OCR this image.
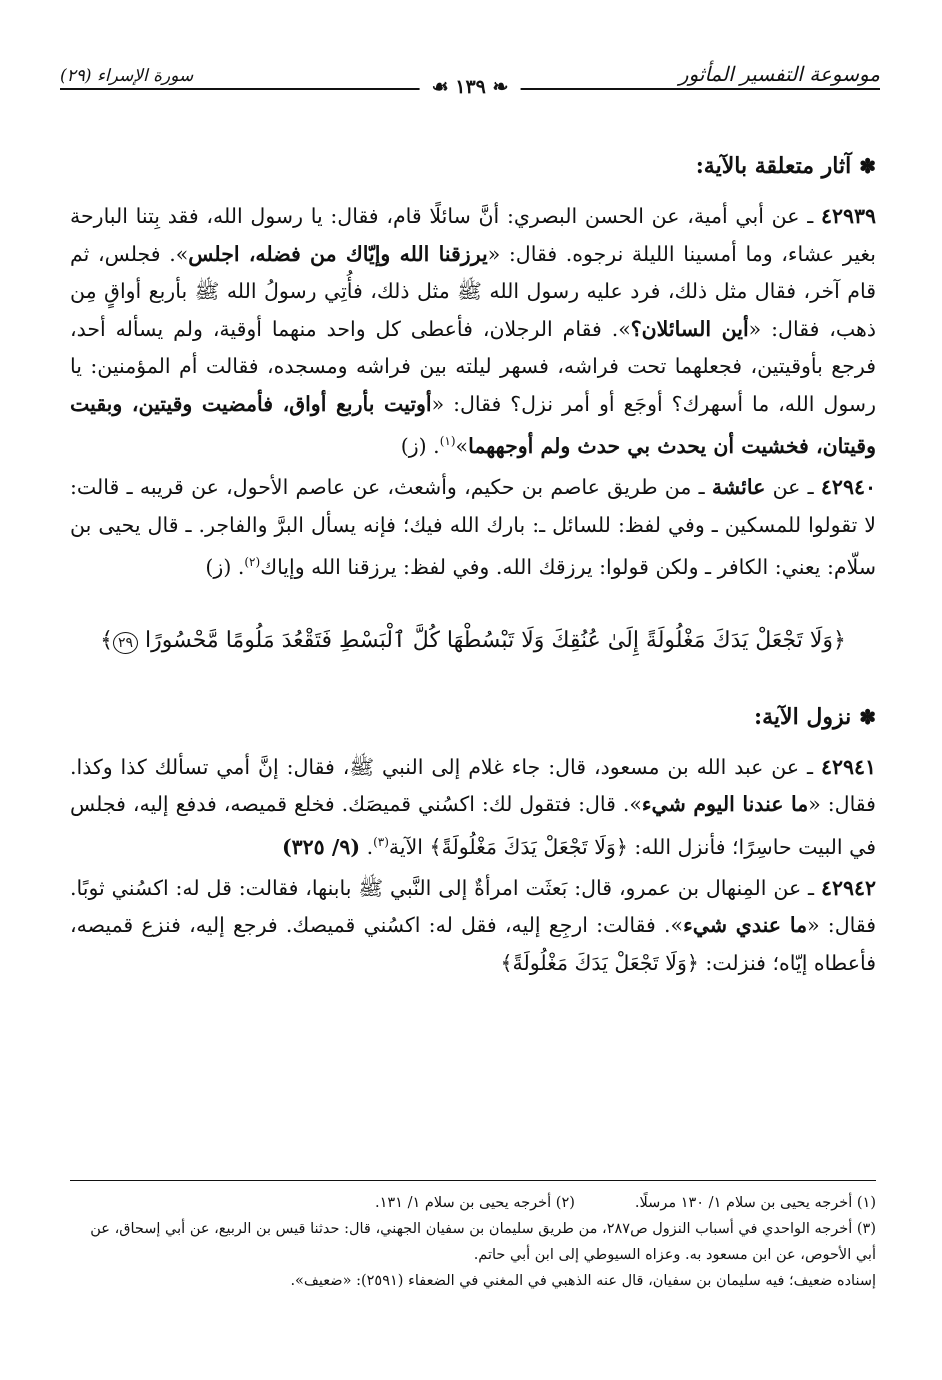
موسوعة التفسير المأثور
سورة الإسراء (٢٩)	❧ ١٣٩ ☙
✽آثار متعلقة بالآية:

٤٢٩٣٩ ـ عن أبي أمية، عن الحسن البصري: أنَّ سائلًا قام، فقال: يا رسول الله، فقد بِتنا البارحة بغير عشاء، وما أمسينا الليلة نرجوه. فقال: «يرزقنا الله وإيّاك من فضله، اجلس». فجلس، ثم قام آخر، فقال مثل ذلك، فرد عليه رسول الله ﷺ مثل ذلك، فأُتِي رسولُ الله ﷺ بأربع أواقٍ مِن ذهب، فقال: «أين السائلان؟». فقام الرجلان، فأعطى كل واحد منهما أوقية، ولم يسأله أحد، فرجع بأوقيتين، فجعلهما تحت فراشه، فسهر ليلته بين فراشه ومسجده، فقالت أم المؤمنين: يا رسول الله، ما أسهرك؟ أوجَع أو أمر نزل؟ فقال: «أوتيت بأربع أواق، فأمضيت وقيتين، وبقيت وقيتان، فخشيت أن يحدث بي حدث ولم أوجههما»$^{(١)}$. (ز)

٤٢٩٤٠ ـ عن عائشة ـ من طريق عاصم بن حكيم، وأشعث، عن عاصم الأحول، عن قريبه ـ قالت: لا تقولوا للمسكين ـ وفي لفظ: للسائل ـ: بارك الله فيك؛ فإنه يسأل البرَّ والفاجر. ـ قال يحيى بن سلّام: يعني: الكافر ـ ولكن قولوا: يرزقك الله. وفي لفظ: يرزقنا الله وإياك$^{(٢)}$. (ز)

﴿وَلَا تَجْعَلْ يَدَكَ مَغْلُولَةً إِلَىٰ عُنُقِكَ وَلَا تَبْسُطْهَا كُلَّ ٱلْبَسْطِ فَتَقْعُدَ مَلُومًا مَّحْسُورًا ٢٩﴾
✽نزول الآية:

٤٢٩٤١ ـ عن عبد الله بن مسعود، قال: جاء غلام إلى النبي ﷺ، فقال: إنَّ أمي تسألك كذا وكذا. فقال: «ما عندنا اليوم شيء». قال: فتقول لك: اكسُني قميصَك. فخلع قميصه، فدفع إليه، فجلس في البيت حاسِرًا؛ فأنزل الله: ﴿وَلَا تَجْعَلْ يَدَكَ مَغْلُولَةً﴾ الآية$^{(٣)}$. (٩/ ٣٢٥)

٤٢٩٤٢ ـ عن المِنهال بن عمرو، قال: بَعثَت امرأةٌ إلى النَّبي ﷺ بابنها، فقالت: قل له: اكسُني ثوبًا. فقال: «ما عندي شيء». فقالت: ارجِع إليه، فقل له: اكسُني قميصك. فرجع إليه، فنزع قميصه، فأعطاه إيّاه؛ فنزلت: ﴿وَلَا تَجْعَلْ يَدَكَ مَغْلُولَةً﴾

(١) أخرجه يحيى بن سلام ١/ ١٣٠ مرسلًا.
(٢) أخرجه يحيى بن سلام ١/ ١٣١.
(٣) أخرجه الواحدي في أسباب النزول ص٢٨٧، من طريق سليمان بن سفيان الجهني، قال: حدثنا قيس بن الربيع، عن أبي إسحاق، عن أبي الأحوص، عن ابن مسعود به. وعزاه السيوطي إلى ابن أبي حاتم.
إسناده ضعيف؛ فيه سليمان بن سفيان، قال عنه الذهبي في المغني في الضعفاء (٢٥٩١): «ضعيف».
